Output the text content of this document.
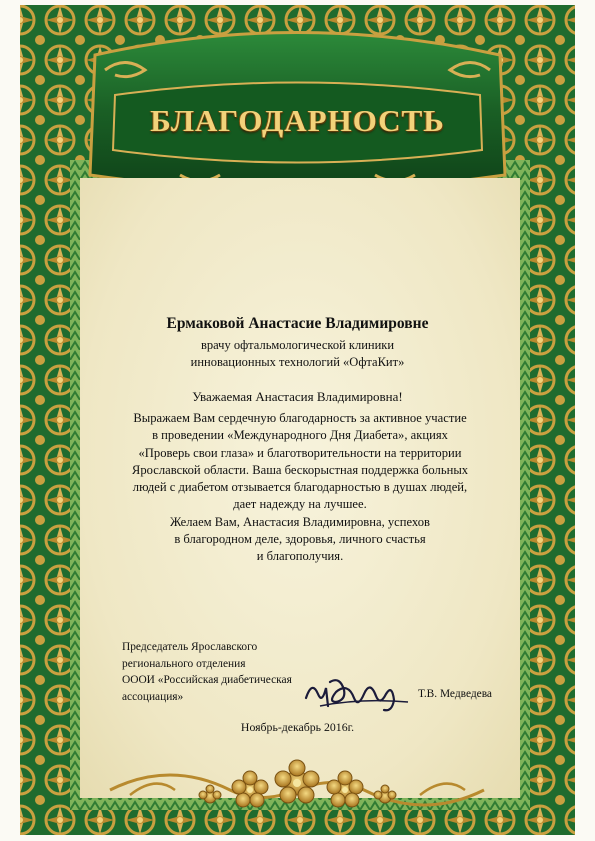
БЛАГОДАРНОСТЬ
Ермаковой Анастасие Владимировне
врачу офтальмологической клиники
инновационных технологий «ОфтаКит»
Уважаемая Анастасия Владимировна!
Выражаем Вам сердечную благодарность за активное участие
в проведении «Международного Дня Диабета», акциях
«Проверь свои глаза» и благотворительности на территории
Ярославской области. Ваша бескорыстная поддержка больных
людей с диабетом отзывается благодарностью в душах людей,
дает надежду на лучшее.
Желаем Вам, Анастасия Владимировна, успехов
в благородном деле, здоровья, личного счастья
и благополучия.
Председатель Ярославского
регионального отделения
ОООИ «Российская диабетическая
ассоциация»	Т.В. Медведева
Ноябрь-декабрь 2016г.
